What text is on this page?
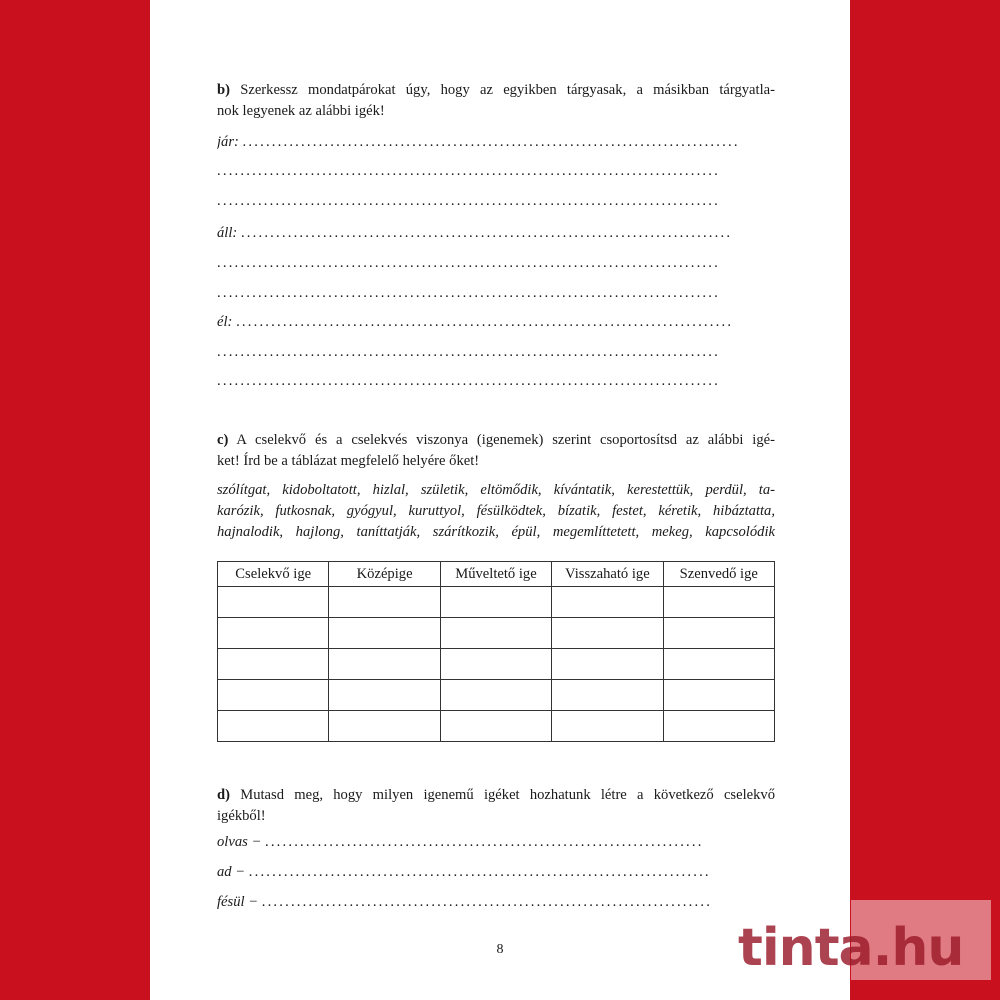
b) Szerkessz mondatpárokat úgy, hogy az egyikben tárgyasak, a másikban tárgyatla-
nok legyenek az alábbi igék!
jár: .....................................................................................
......................................................................................
......................................................................................
áll: ....................................................................................
......................................................................................
......................................................................................
él: .....................................................................................
......................................................................................
......................................................................................
c) A cselekvő és a cselekvés viszonya (igenemek) szerint csoportosítsd az alábbi igé-
ket! Írd be a táblázat megfelelő helyére őket!
szólítgat, kidoboltatott, hizlal, születik, eltömődik, kívántatik, kerestettük, perdül, ta-
karózik, futkosnak, gyógyul, kuruttyol, fésülködtek, bízatik, festet, kéretik, hibáztatta,
hajnalodik, hajlong, taníttatják, szárítkozik, épül, megemlíttetett, mekeg, kapcsolódik
Cselekvő ige	Középige	Műveltető ige	Visszaható ige	Szenvedő ige

d) Mutasd meg, hogy milyen igenemű igéket hozhatunk létre a következő cselekvő
igékből!
olvas − ...........................................................................
ad − ...............................................................................
fésül − .............................................................................
8	tinta.hu
